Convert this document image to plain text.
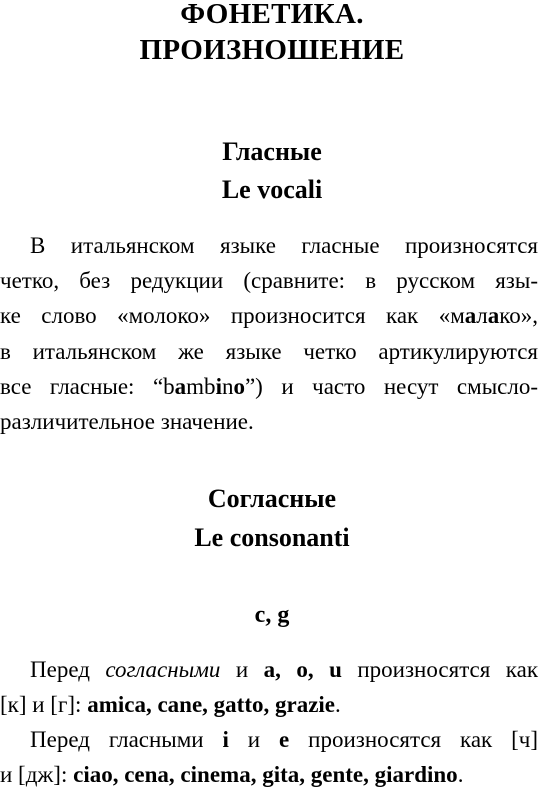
ФОНЕТИКА.
ПРОИЗНОШЕНИЕ
Гласные
Le vocali
В итальянском языке гласные произносятся
четко, без редукции (сравните: в русском язы-
ке слово «молоко» произносится как «малако»,
в итальянском же языке четко артикулируются
все гласные: “bambino”) и часто несут смысло-
различительное значение.
Согласные
Le consonanti
c, g
Перед согласными и a, o, u произносятся как
[к] и [г]: amica, cane, gatto, grazie.
Перед гласными i и e произносятся как [ч]
и [дж]: ciao, cena, cinema, gita, gente, giardino.
